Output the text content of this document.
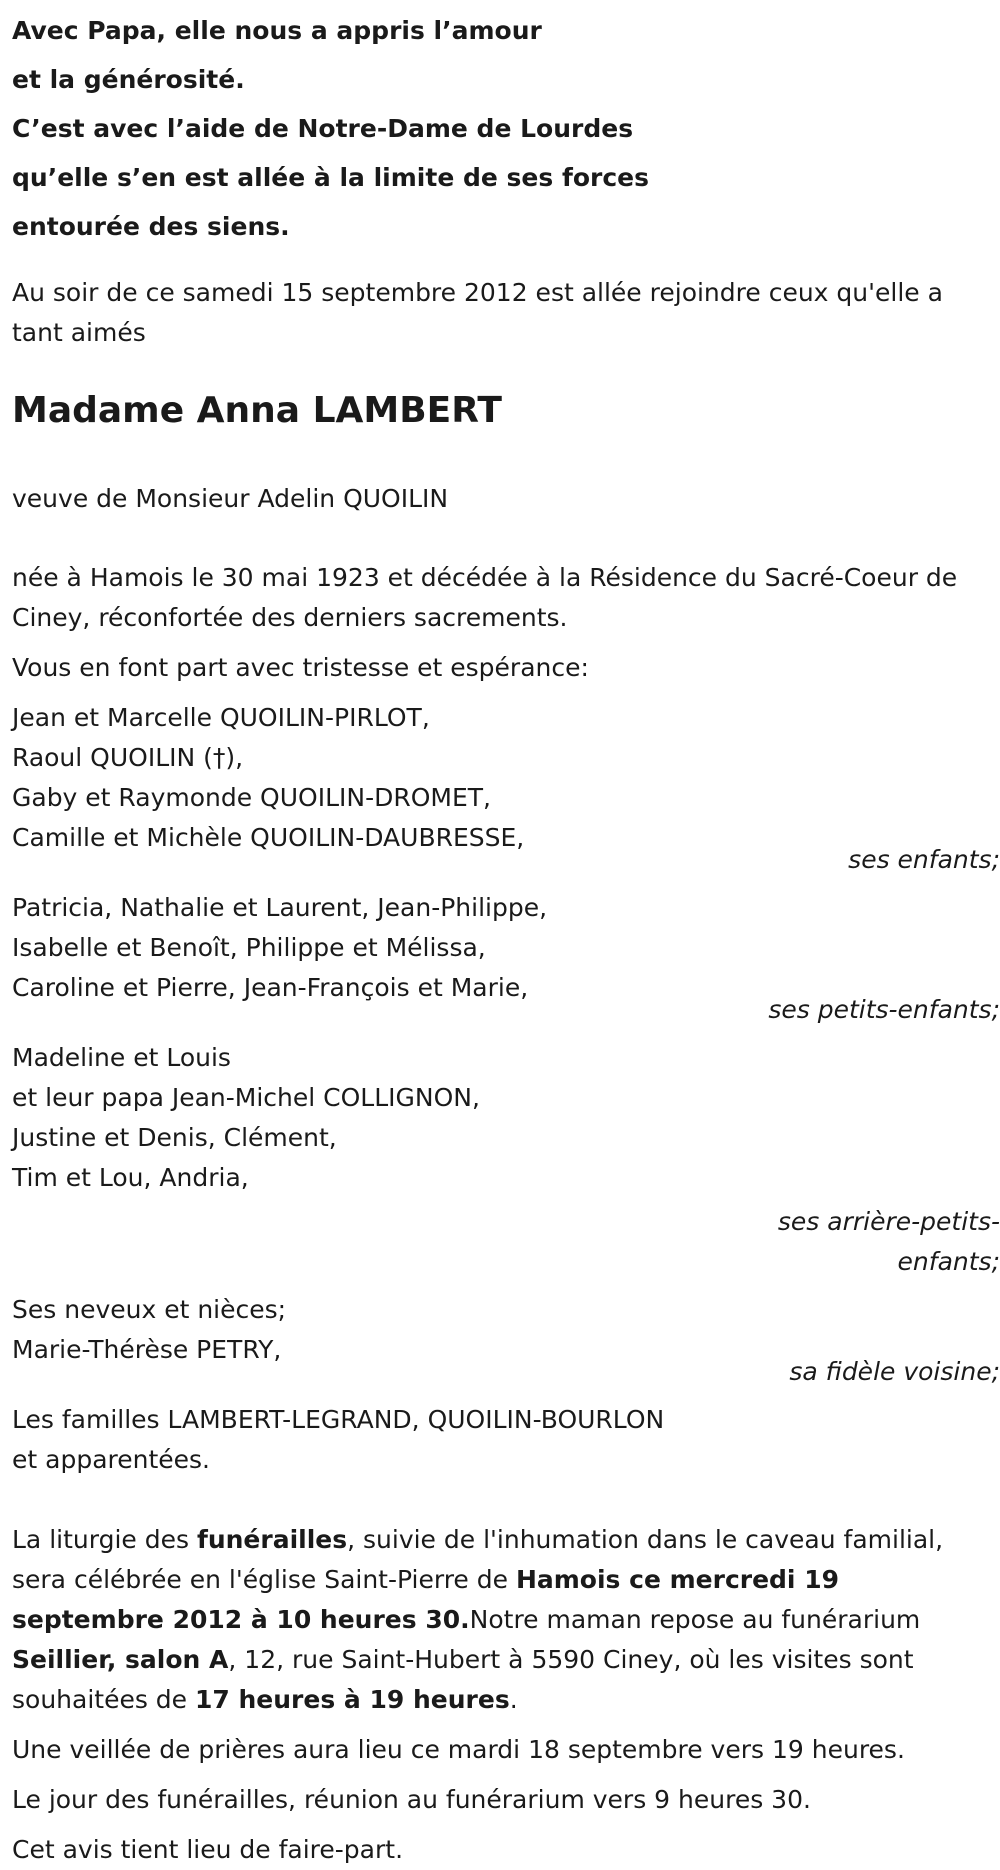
Avec Papa, elle nous a appris l’amour

et la générosité.

C’est avec l’aide de Notre-Dame de Lourdes

qu’elle s’en est allée à la limite de ses forces

entourée des siens.

Au soir de ce samedi 15 septembre 2012 est allée rejoindre ceux qu'elle a tant aimés

Madame Anna LAMBERT

veuve de Monsieur Adelin QUOILIN

née à Hamois le 30 mai 1923 et décédée à la Résidence du Sacré-Coeur de Ciney, réconfortée des derniers sacrements.

Vous en font part avec tristesse et espérance:

Jean et Marcelle QUOILIN-PIRLOT,

Raoul QUOILIN (†),

Gaby et Raymonde QUOILIN-DROMET,

Camille et Michèle QUOILIN-DAUBRESSE,

ses enfants;

Patricia, Nathalie et Laurent, Jean-Philippe,

Isabelle et Benoît, Philippe et Mélissa,

Caroline et Pierre, Jean-François et Marie,

ses petits-enfants;

Madeline et Louis

et leur papa Jean-Michel COLLIGNON,

Justine et Denis, Clément,

Tim et Lou, Andria,

ses arrière-petits-

enfants;

Ses neveux et nièces;

Marie-Thérèse PETRY,

sa fidèle voisine;

Les familles LAMBERT-LEGRAND, QUOILIN-BOURLON

et apparentées.

La liturgie des funérailles, suivie de l'inhumation dans le caveau familial, sera célébrée en l'église Saint-Pierre de Hamois ce mercredi 19 septembre 2012 à 10 heures 30.Notre maman repose au funérarium Seillier, salon A, 12, rue Saint-Hubert à 5590 Ciney, où les visites sont souhaitées de 17 heures à 19 heures.

Une veillée de prières aura lieu ce mardi 18 septembre vers 19 heures.

Le jour des funérailles, réunion au funérarium vers 9 heures 30.

Cet avis tient lieu de faire-part.
